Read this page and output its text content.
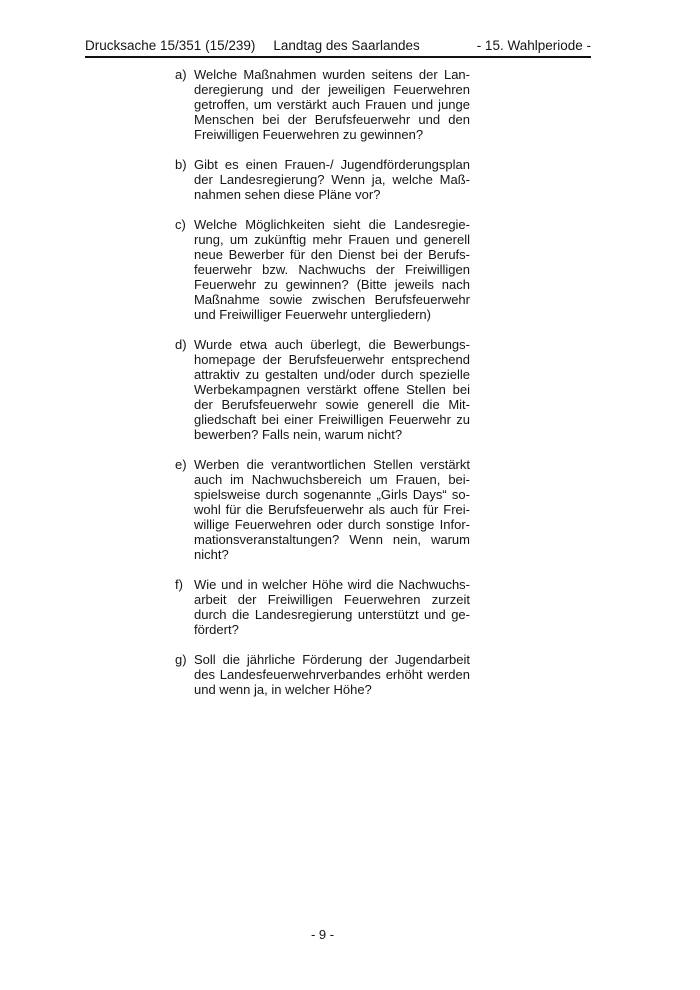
Drucksache 15/351 (15/239) Landtag des Saarlandes	- 15. Wahlperiode -
a) Welche Maßnahmen wurden seitens der Lan-
deregierung und der jeweiligen Feuerwehren
getroffen, um verstärkt auch Frauen und junge
Menschen bei der Berufsfeuerwehr und den
Freiwilligen Feuerwehren zu gewinnen?
b) Gibt es einen Frauen-/ Jugendförderungsplan
der Landesregierung? Wenn ja, welche Maß-
nahmen sehen diese Pläne vor?
c) Welche Möglichkeiten sieht die Landesregie-
rung, um zukünftig mehr Frauen und generell
neue Bewerber für den Dienst bei der Berufs-
feuerwehr bzw. Nachwuchs der Freiwilligen
Feuerwehr zu gewinnen? (Bitte jeweils nach
Maßnahme sowie zwischen Berufsfeuerwehr
und Freiwilliger Feuerwehr untergliedern)
d) Wurde etwa auch überlegt, die Bewerbungs-
homepage der Berufsfeuerwehr entsprechend
attraktiv zu gestalten und/oder durch spezielle
Werbekampagnen verstärkt offene Stellen bei
der Berufsfeuerwehr sowie generell die Mit-
gliedschaft bei einer Freiwilligen Feuerwehr zu
bewerben? Falls nein, warum nicht?
e) Werben die verantwortlichen Stellen verstärkt
auch im Nachwuchsbereich um Frauen, bei-
spielsweise durch sogenannte „Girls Days“ so-
wohl für die Berufsfeuerwehr als auch für Frei-
willige Feuerwehren oder durch sonstige Infor-
mationsveranstaltungen? Wenn nein, warum
nicht?
f) Wie und in welcher Höhe wird die Nachwuchs-
arbeit der Freiwilligen Feuerwehren zurzeit
durch die Landesregierung unterstützt und ge-
fördert?
g) Soll die jährliche Förderung der Jugendarbeit
des Landesfeuerwehrverbandes erhöht werden
und wenn ja, in welcher Höhe?
- 9 -
